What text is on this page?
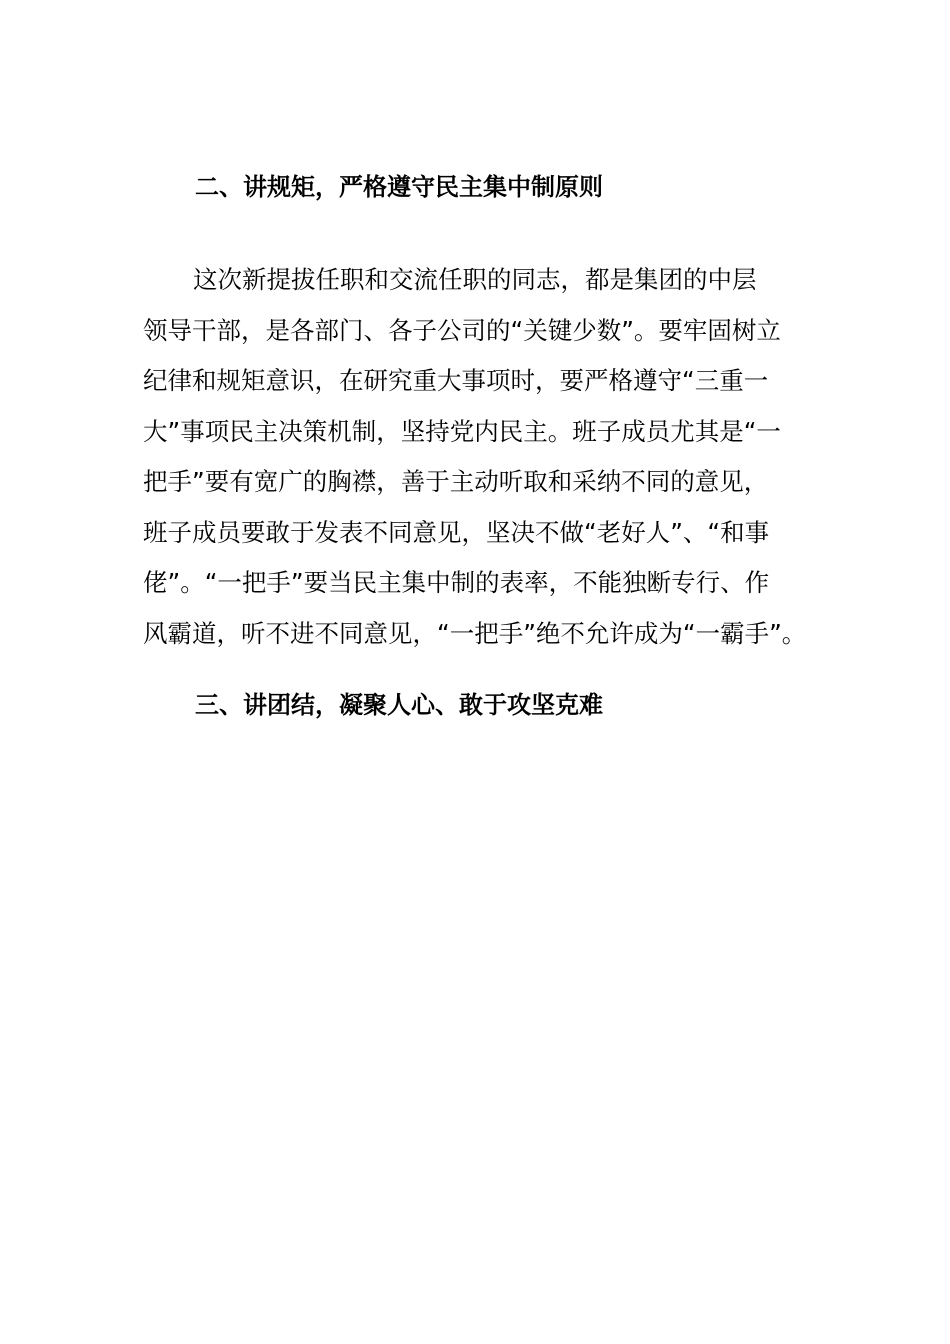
二、讲规矩，严格遵守民主集中制原则
这次新提拔任职和交流任职的同志，都是集团的中层
领导干部，是各部门、各子公司的“关键少数”。要牢固树立
纪律和规矩意识，在研究重大事项时，要严格遵守“三重一
大”事项民主决策机制，坚持党内民主。班子成员尤其是“一
把手”要有宽广的胸襟，善于主动听取和采纳不同的意见，
班子成员要敢于发表不同意见，坚决不做“老好人”、“和事
佬”。“一把手”要当民主集中制的表率，不能独断专行、作
风霸道，听不进不同意见，“一把手”绝不允许成为“一霸手”。
三、讲团结，凝聚人心、敢于攻坚克难
